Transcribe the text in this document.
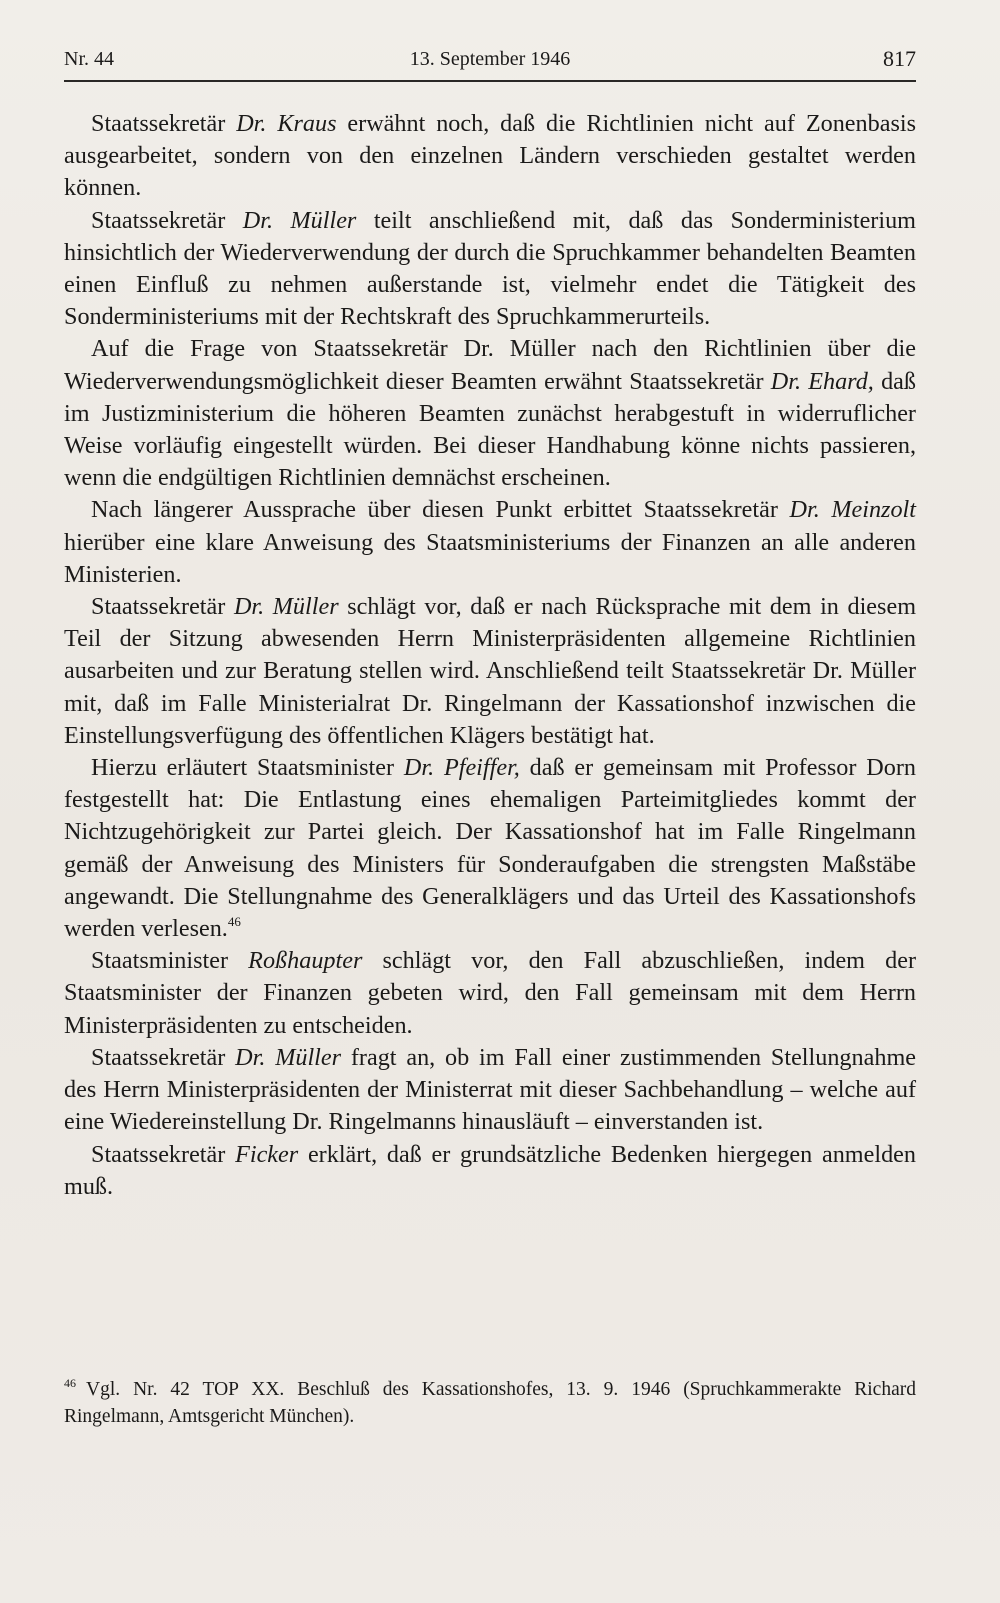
Nr. 44	13. September 1946	817

Staatssekretär Dr. Kraus erwähnt noch, daß die Richtlinien nicht auf Zonenbasis ausgearbeitet, sondern von den einzelnen Ländern verschieden gestaltet werden können.

Staatssekretär Dr. Müller teilt anschließend mit, daß das Sonderministerium hinsichtlich der Wiederverwendung der durch die Spruchkammer behandelten Beamten einen Einfluß zu nehmen außerstande ist, vielmehr endet die Tätigkeit des Sonderministeriums mit der Rechtskraft des Spruchkammerurteils.

Auf die Frage von Staatssekretär Dr. Müller nach den Richtlinien über die Wiederverwendungsmöglichkeit dieser Beamten erwähnt Staatssekretär Dr. Ehard, daß im Justizministerium die höheren Beamten zunächst herabgestuft in widerruflicher Weise vorläufig eingestellt würden. Bei dieser Handhabung könne nichts passieren, wenn die endgültigen Richtlinien demnächst erscheinen.

Nach längerer Aussprache über diesen Punkt erbittet Staatssekretär Dr. Meinzolt hierüber eine klare Anweisung des Staatsministeriums der Finanzen an alle anderen Ministerien.

Staatssekretär Dr. Müller schlägt vor, daß er nach Rücksprache mit dem in diesem Teil der Sitzung abwesenden Herrn Ministerpräsidenten allgemeine Richtlinien ausarbeiten und zur Beratung stellen wird. Anschließend teilt Staatssekretär Dr. Müller mit, daß im Falle Ministerialrat Dr. Ringelmann der Kassationshof inzwischen die Einstellungsverfügung des öffentlichen Klägers bestätigt hat.

Hierzu erläutert Staatsminister Dr. Pfeiffer, daß er gemeinsam mit Professor Dorn festgestellt hat: Die Entlastung eines ehemaligen Parteimitgliedes kommt der Nichtzugehörigkeit zur Partei gleich. Der Kassationshof hat im Falle Ringelmann gemäß der Anweisung des Ministers für Sonderaufgaben die strengsten Maßstäbe angewandt. Die Stellungnahme des Generalklägers und das Urteil des Kassationshofs werden verlesen.$^{46}$

Staatsminister Roßhaupter schlägt vor, den Fall abzuschließen, indem der Staatsminister der Finanzen gebeten wird, den Fall gemeinsam mit dem Herrn Ministerpräsidenten zu entscheiden.

Staatssekretär Dr. Müller fragt an, ob im Fall einer zustimmenden Stellungnahme des Herrn Ministerpräsidenten der Ministerrat mit dieser Sachbehandlung – welche auf eine Wiedereinstellung Dr. Ringelmanns hinausläuft – einverstanden ist.

Staatssekretär Ficker erklärt, daß er grundsätzliche Bedenken hiergegen anmelden muß.

$^{46}$ Vgl. Nr. 42 TOP XX. Beschluß des Kassationshofes, 13. 9. 1946 (Spruchkammerakte Richard Ringelmann, Amtsgericht München).
